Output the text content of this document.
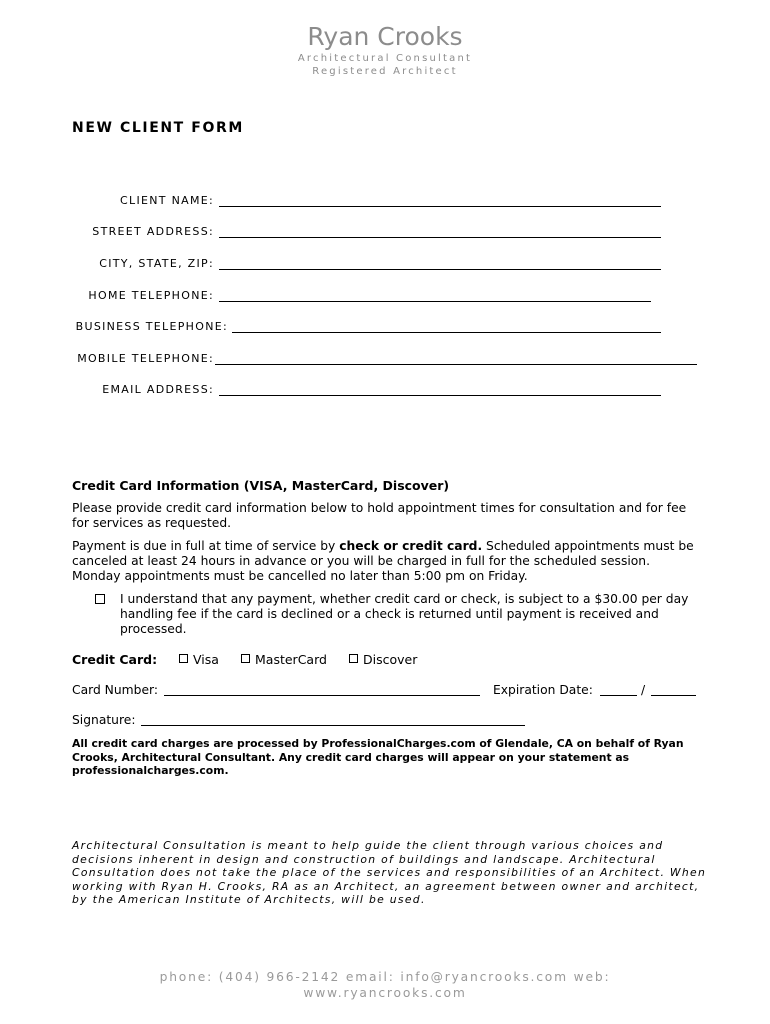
Ryan Crooks
Architectural Consultant
Registered Architect
NEW CLIENT FORM
CLIENT NAME:
STREET ADDRESS:
CITY, STATE, ZIP:
HOME TELEPHONE:
BUSINESS TELEPHONE:
MOBILE TELEPHONE:
EMAIL ADDRESS:
Credit Card Information (VISA, MasterCard, Discover)
Please provide credit card information below to hold appointment times for consultation and for fee for services as requested.
Payment is due in full at time of service by check or credit card. Scheduled appointments must be canceled at least 24 hours in advance or you will be charged in full for the scheduled session. Monday appointments must be cancelled no later than 5:00 pm on Friday.
I understand that any payment, whether credit card or check, is subject to a $30.00 per day handling fee if the card is declined or a check is returned until payment is received and processed.
Credit Card:	Visa	MasterCard	Discover
Card Number:	Expiration Date:	/
Signature:
All credit card charges are processed by ProfessionalCharges.com of Glendale, CA on behalf of Ryan Crooks, Architectural Consultant. Any credit card charges will appear on your statement as professionalcharges.com.
Architectural Consultation is meant to help guide the client through various choices and decisions inherent in design and construction of buildings and landscape. Architectural Consultation does not take the place of the services and responsibilities of an Architect. When working with Ryan H. Crooks, RA as an Architect, an agreement between owner and architect, by the American Institute of Architects, will be used.
phone: (404) 966-2142 email: info@ryancrooks.com web:
www.ryancrooks.com
